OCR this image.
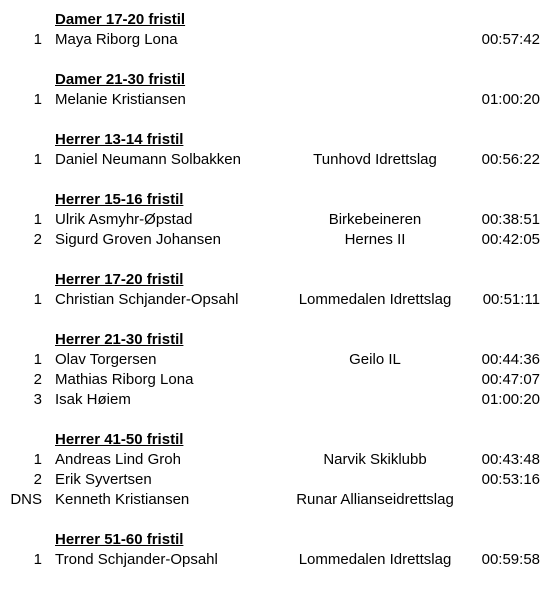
Damer 17-20 fristil
1 Maya Riborg Lona	00:57:42
Damer 21-30 fristil
1 Melanie Kristiansen	01:00:20
Herrer 13-14 fristil
1 Daniel Neumann Solbakken	Tunhovd Idrettslag	00:56:22
Herrer 15-16 fristil
1 Ulrik Asmyhr-Øpstad	Birkebeineren	00:38:51
2 Sigurd Groven Johansen	Hernes II	00:42:05
Herrer 17-20 fristil
1 Christian Schjander-Opsahl	Lommedalen Idrettslag	00:51:11
Herrer 21-30 fristil
1 Olav Torgersen	Geilo IL	00:44:36
2 Mathias Riborg Lona	00:47:07
3 Isak Høiem	01:00:20
Herrer 41-50 fristil
1 Andreas Lind Groh	Narvik Skiklubb	00:43:48
2 Erik Syvertsen	00:53:16
DNS Kenneth Kristiansen	Runar Allianseidrettslag
Herrer 51-60 fristil
1 Trond Schjander-Opsahl	Lommedalen Idrettslag	00:59:58
